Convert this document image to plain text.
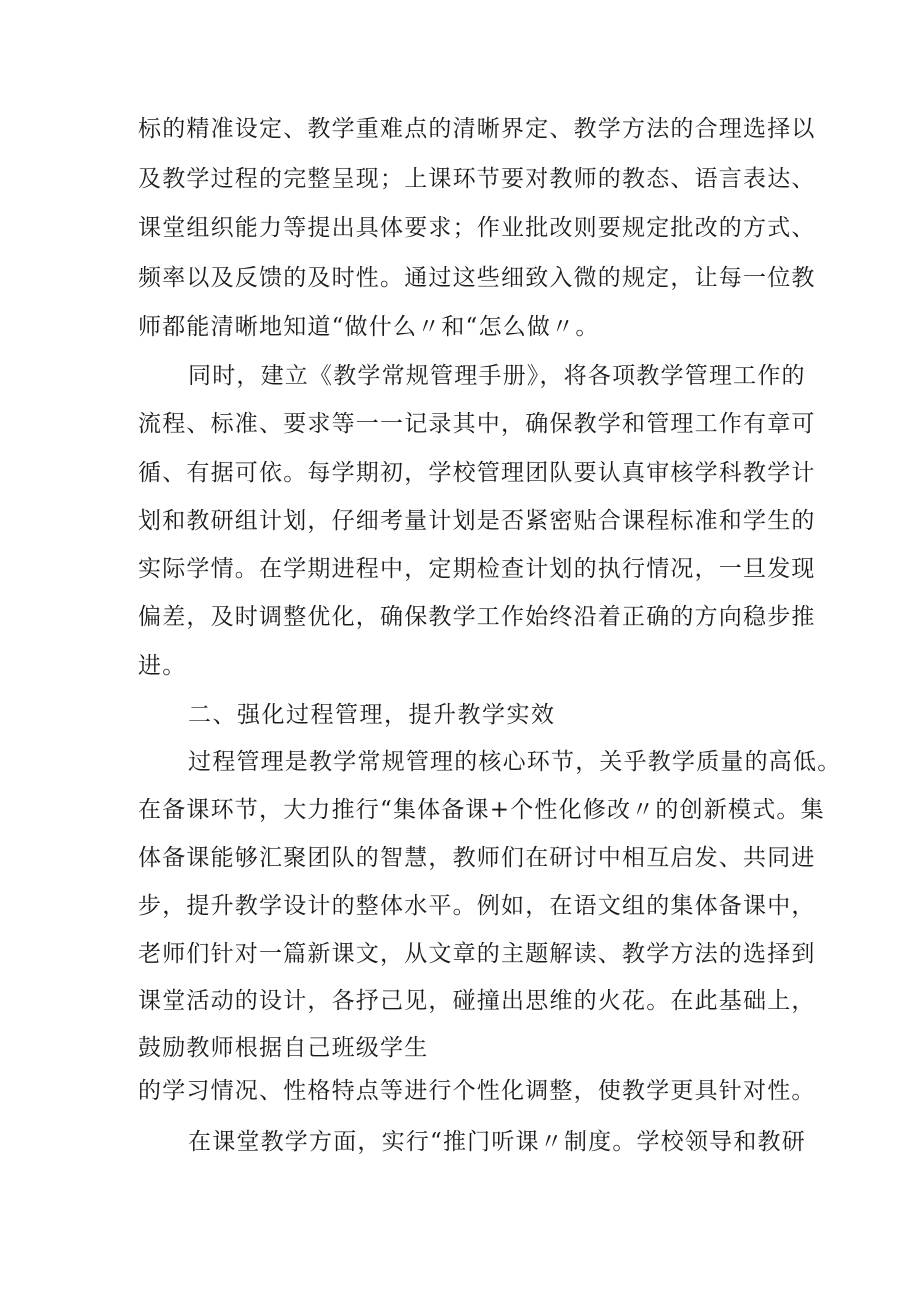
标的精准设定、教学重难点的清晰界定、教学方法的合理选择以

及教学过程的完整呈现；上课环节要对教师的教态、语言表达、

课堂组织能力等提出具体要求；作业批改则要规定批改的方式、

频率以及反馈的及时性。通过这些细致入微的规定，让每一位教

师都能清晰地知道“做什么〃和“怎么做〃。

同时，建立《教学常规管理手册》，将各项教学管理工作的

流程、标准、要求等一一记录其中，确保教学和管理工作有章可

循、有据可依。每学期初，学校管理团队要认真审核学科教学计

划和教研组计划，仔细考量计划是否紧密贴合课程标准和学生的

实际学情。在学期进程中，定期检查计划的执行情况，一旦发现

偏差，及时调整优化，确保教学工作始终沿着正确的方向稳步推

进。

二、强化过程管理，提升教学实效

过程管理是教学常规管理的核心环节，关乎教学质量的高低。

在备课环节，大力推行“集体备课+个性化修改〃的创新模式。集

体备课能够汇聚团队的智慧，教师们在研讨中相互启发、共同进

步，提升教学设计的整体水平。例如，在语文组的集体备课中，

老师们针对一篇新课文，从文章的主题解读、教学方法的选择到

课堂活动的设计，各抒己见，碰撞出思维的火花。在此基础上，

鼓励教师根据自己班级学生

的学习情况、性格特点等进行个性化调整，使教学更具针对性。

在课堂教学方面，实行“推门听课〃制度。学校领导和教研
